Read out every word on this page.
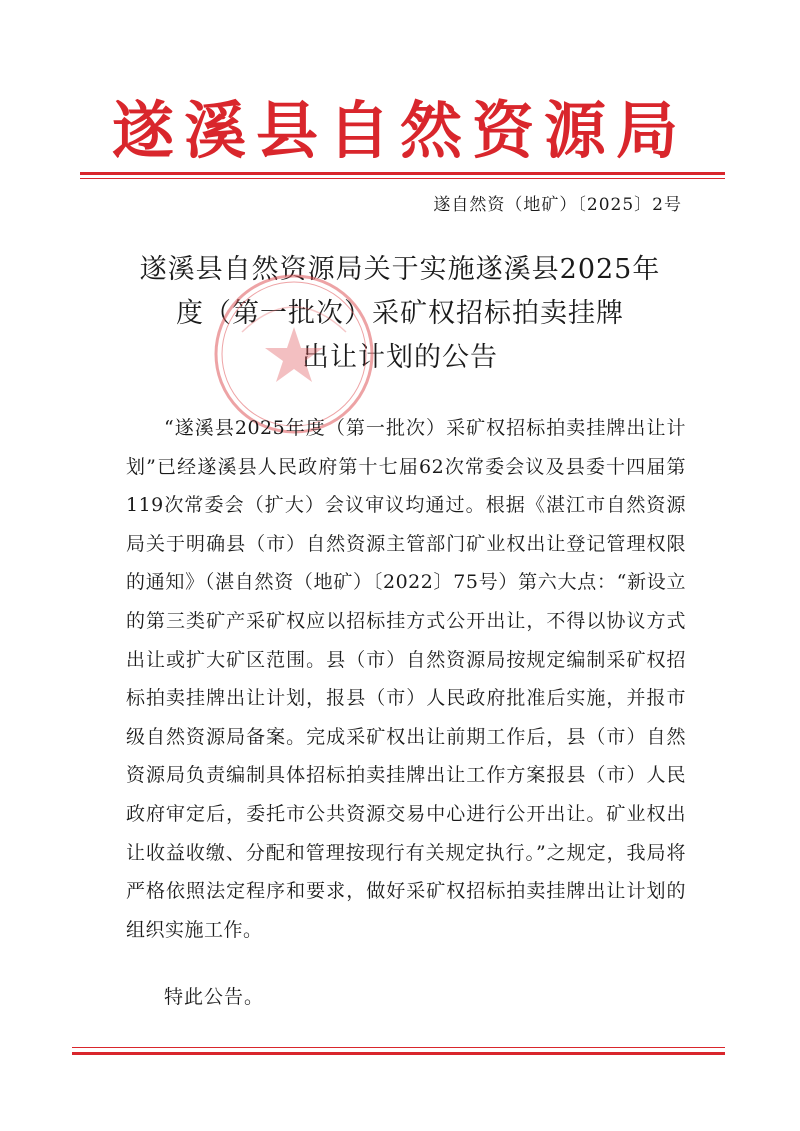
遂溪县自然资源局
遂自然资（地矿）〔2025〕2号
遂溪县自然资源局关于实施遂溪县2025年
度（第一批次）采矿权招标拍卖挂牌
出让计划的公告

“遂溪县2025年度（第一批次）采矿权招标拍卖挂牌出让计划”已经遂溪县人民政府第十七届62次常委会议及县委十四届第119次常委会（扩大）会议审议均通过。根据《湛江市自然资源局关于明确县（市）自然资源主管部门矿业权出让登记管理权限的通知》（湛自然资（地矿）〔2022〕75号）第六大点：“新设立的第三类矿产采矿权应以招标挂方式公开出让，不得以协议方式出让或扩大矿区范围。县（市）自然资源局按规定编制采矿权招标拍卖挂牌出让计划，报县（市）人民政府批准后实施，并报市级自然资源局备案。完成采矿权出让前期工作后，县（市）自然资源局负责编制具体招标拍卖挂牌出让工作方案报县（市）人民政府审定后，委托市公共资源交易中心进行公开出让。矿业权出让收益收缴、分配和管理按现行有关规定执行。”之规定，我局将严格依照法定程序和要求，做好采矿权招标拍卖挂牌出让计划的组织实施工作。

特此公告。
